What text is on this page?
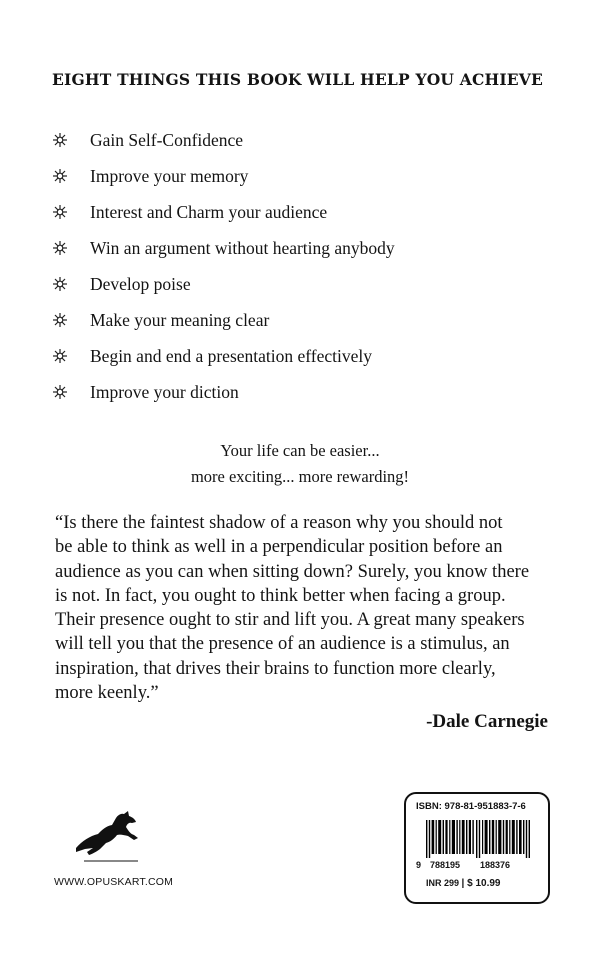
EIGHT THINGS THIS BOOK WILL HELP YOU ACHIEVE
Gain Self-Confidence
Improve your memory
Interest and Charm your audience
Win an argument without hearting anybody
Develop poise
Make your meaning clear
Begin and end a presentation effectively
Improve your diction
Your life can be easier...
more exciting... more rewarding!

“Is there the faintest shadow of a reason why you should not
be able to think as well in a perpendicular position before an
audience as you can when sitting down? Surely, you know there
is not. In fact, you ought to think better when facing a group.
Their presence ought to stir and lift you. A great many speakers
will tell you that the presence of an audience is a stimulus, an
inspiration, that drives their brains to function more clearly,
more keenly.”

-Dale Carnegie
WWW.OPUSKART.COM
ISBN: 978-81-951883-7-6
9 788195 188376
INR 299 | $ 10.99
